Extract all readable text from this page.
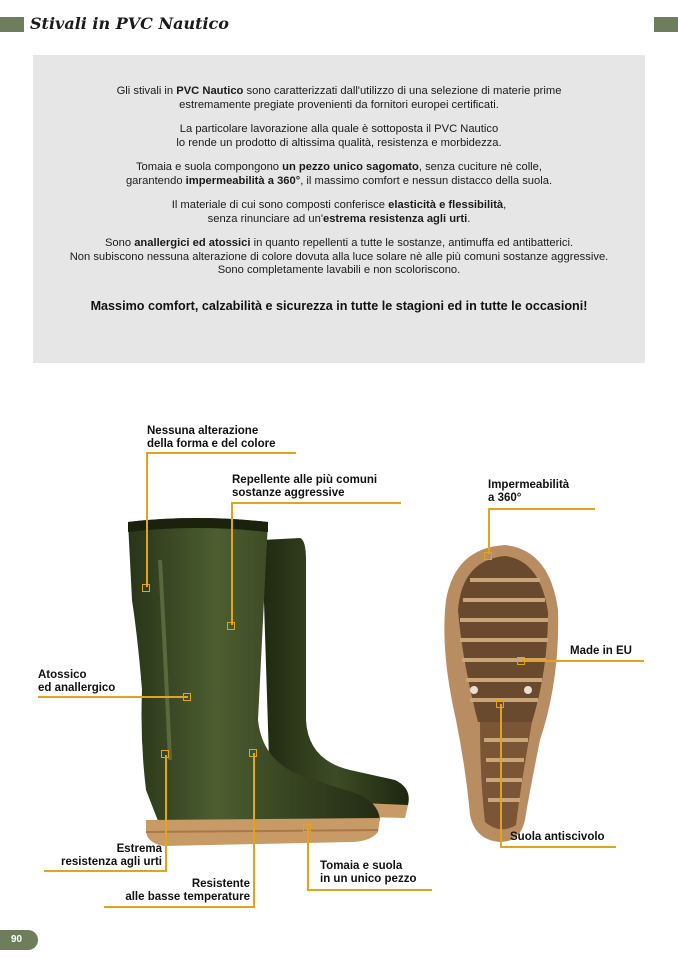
Stivali in PVC Nautico

Gli stivali in PVC Nautico sono caratterizzati dall'utilizzo di una selezione di materie prime
estremamente pregiate provenienti da fornitori europei certificati.

La particolare lavorazione alla quale è sottoposta il PVC Nautico
lo rende un prodotto di altissima qualità, resistenza e morbidezza.

Tomaia e suola compongono un pezzo unico sagomato, senza cuciture nè colle,
garantendo impermeabilità a 360°, il massimo comfort e nessun distacco della suola.

Il materiale di cui sono composti conferisce elasticità e flessibilità,
senza rinunciare ad un'estrema resistenza agli urti.

Sono anallergici ed atossici in quanto repellenti a tutte le sostanze, antimuffa ed antibatterici.
Non subiscono nessuna alterazione di colore dovuta alla luce solare nè alle più comuni sostanze aggressive.
Sono completamente lavabili e non scoloriscono.

Massimo comfort, calzabilità e sicurezza in tutte le stagioni ed in tutte le occasioni!

Nessuna alterazione
della forma e del colore
Repellente alle più comuni
sostanze aggressive
Impermeabilità
a 360°
Made in EU
Atossico
ed anallergico
Suola antiscivolo
Estrema
resistenza agli urti	Tomaia e suola
in un unico pezzo
Resistente
alle basse temperature
90
